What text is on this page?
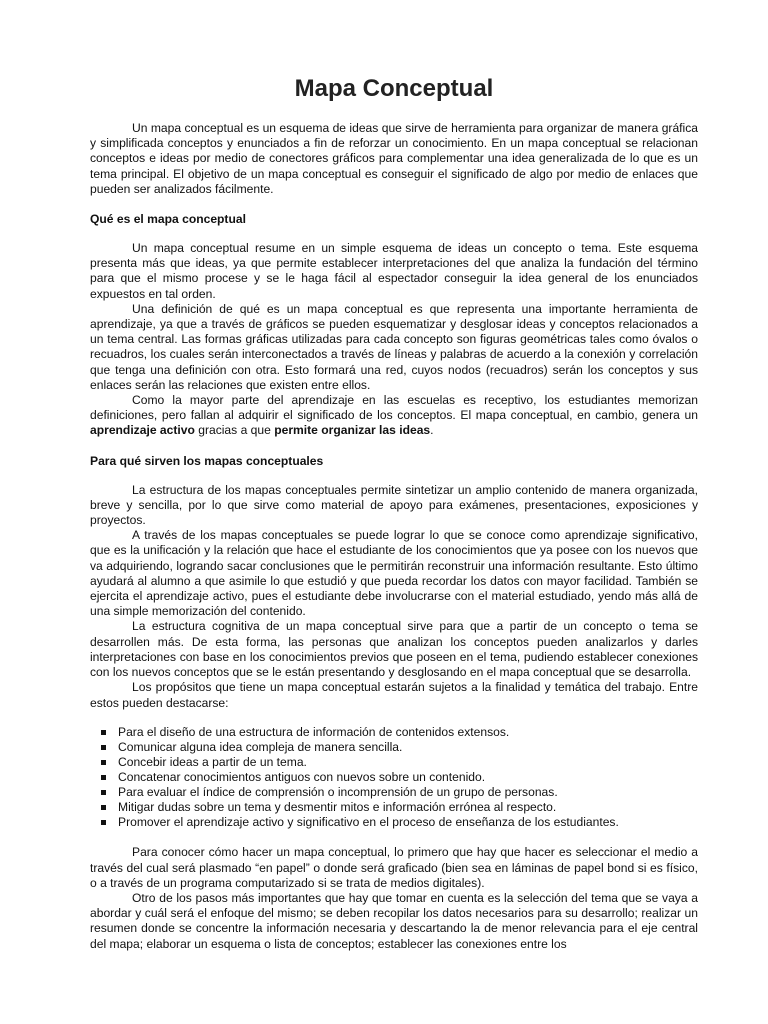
Mapa Conceptual

Un mapa conceptual es un esquema de ideas que sirve de herramienta para organizar de manera gráfica y simplificada conceptos y enunciados a fin de reforzar un conocimiento. En un mapa conceptual se relacionan conceptos e ideas por medio de conectores gráficos para complementar una idea generalizada de lo que es un tema principal. El objetivo de un mapa conceptual es conseguir el significado de algo por medio de enlaces que pueden ser analizados fácilmente.

Qué es el mapa conceptual

Un mapa conceptual resume en un simple esquema de ideas un concepto o tema. Este esquema presenta más que ideas, ya que permite establecer interpretaciones del que analiza la fundación del término para que el mismo procese y se le haga fácil al espectador conseguir la idea general de los enunciados expuestos en tal orden.

Una definición de qué es un mapa conceptual es que representa una importante herramienta de aprendizaje, ya que a través de gráficos se pueden esquematizar y desglosar ideas y conceptos relacionados a un tema central. Las formas gráficas utilizadas para cada concepto son figuras geométricas tales como óvalos o recuadros, los cuales serán interconectados a través de líneas y palabras de acuerdo a la conexión y correlación que tenga una definición con otra. Esto formará una red, cuyos nodos (recuadros) serán los conceptos y sus enlaces serán las relaciones que existen entre ellos.

Como la mayor parte del aprendizaje en las escuelas es receptivo, los estudiantes memorizan definiciones, pero fallan al adquirir el significado de los conceptos. El mapa conceptual, en cambio, genera un aprendizaje activo gracias a que permite organizar las ideas.

Para qué sirven los mapas conceptuales

La estructura de los mapas conceptuales permite sintetizar un amplio contenido de manera organizada, breve y sencilla, por lo que sirve como material de apoyo para exámenes, presentaciones, exposiciones y proyectos.

A través de los mapas conceptuales se puede lograr lo que se conoce como aprendizaje significativo, que es la unificación y la relación que hace el estudiante de los conocimientos que ya posee con los nuevos que va adquiriendo, logrando sacar conclusiones que le permitirán reconstruir una información resultante. Esto último ayudará al alumno a que asimile lo que estudió y que pueda recordar los datos con mayor facilidad. También se ejercita el aprendizaje activo, pues el estudiante debe involucrarse con el material estudiado, yendo más allá de una simple memorización del contenido.

La estructura cognitiva de un mapa conceptual sirve para que a partir de un concepto o tema se desarrollen más. De esta forma, las personas que analizan los conceptos pueden analizarlos y darles interpretaciones con base en los conocimientos previos que poseen en el tema, pudiendo establecer conexiones con los nuevos conceptos que se le están presentando y desglosando en el mapa conceptual que se desarrolla.

Los propósitos que tiene un mapa conceptual estarán sujetos a la finalidad y temática del trabajo. Entre estos pueden destacarse:

Para el diseño de una estructura de información de contenidos extensos.
Comunicar alguna idea compleja de manera sencilla.
Concebir ideas a partir de un tema.
Concatenar conocimientos antiguos con nuevos sobre un contenido.
Para evaluar el índice de comprensión o incomprensión de un grupo de personas.
Mitigar dudas sobre un tema y desmentir mitos e información errónea al respecto.
Promover el aprendizaje activo y significativo en el proceso de enseñanza de los estudiantes.

Para conocer cómo hacer un mapa conceptual, lo primero que hay que hacer es seleccionar el medio a través del cual será plasmado “en papel” o donde será graficado (bien sea en láminas de papel bond si es físico, o a través de un programa computarizado si se trata de medios digitales).

Otro de los pasos más importantes que hay que tomar en cuenta es la selección del tema que se vaya a abordar y cuál será el enfoque del mismo; se deben recopilar los datos necesarios para su desarrollo; realizar un resumen donde se concentre la información necesaria y descartando la de menor relevancia para el eje central del mapa; elaborar un esquema o lista de conceptos; establecer las conexiones entre los
